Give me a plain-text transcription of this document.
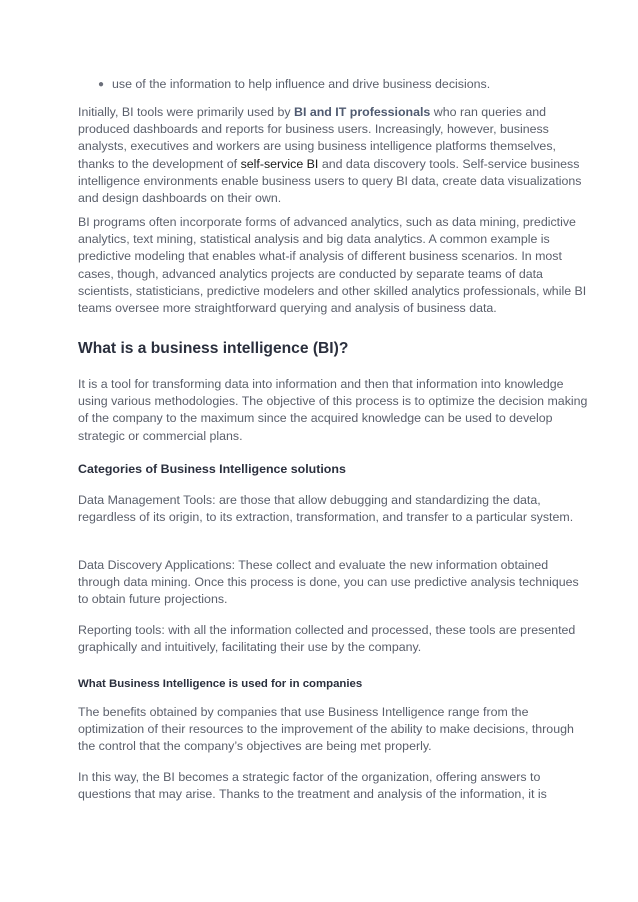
● use of the information to help influence and drive business decisions.

Initially, BI tools were primarily used by BI and IT professionals who ran queries and produced dashboards and reports for business users. Increasingly, however, business analysts, executives and workers are using business intelligence platforms themselves, thanks to the development of self-service BI and data discovery tools. Self-service business intelligence environments enable business users to query BI data, create data visualizations and design dashboards on their own.

BI programs often incorporate forms of advanced analytics, such as data mining, predictive analytics, text mining, statistical analysis and big data analytics. A common example is predictive modeling that enables what-if analysis of different business scenarios. In most cases, though, advanced analytics projects are conducted by separate teams of data scientists, statisticians, predictive modelers and other skilled analytics professionals, while BI teams oversee more straightforward querying and analysis of business data.

What is a business intelligence (BI)?

It is a tool for transforming data into information and then that information into knowledge using various methodologies. The objective of this process is to optimize the decision making of the company to the maximum since the acquired knowledge can be used to develop strategic or commercial plans.

Categories of Business Intelligence solutions

Data Management Tools: are those that allow debugging and standardizing the data, regardless of its origin, to its extraction, transformation, and transfer to a particular system.

Data Discovery Applications: These collect and evaluate the new information obtained through data mining. Once this process is done, you can use predictive analysis techniques to obtain future projections.

Reporting tools: with all the information collected and processed, these tools are presented graphically and intuitively, facilitating their use by the company.

What Business Intelligence is used for in companies

The benefits obtained by companies that use Business Intelligence range from the optimization of their resources to the improvement of the ability to make decisions, through the control that the company’s objectives are being met properly.

In this way, the BI becomes a strategic factor of the organization, offering answers to questions that may arise. Thanks to the treatment and analysis of the information, it is
